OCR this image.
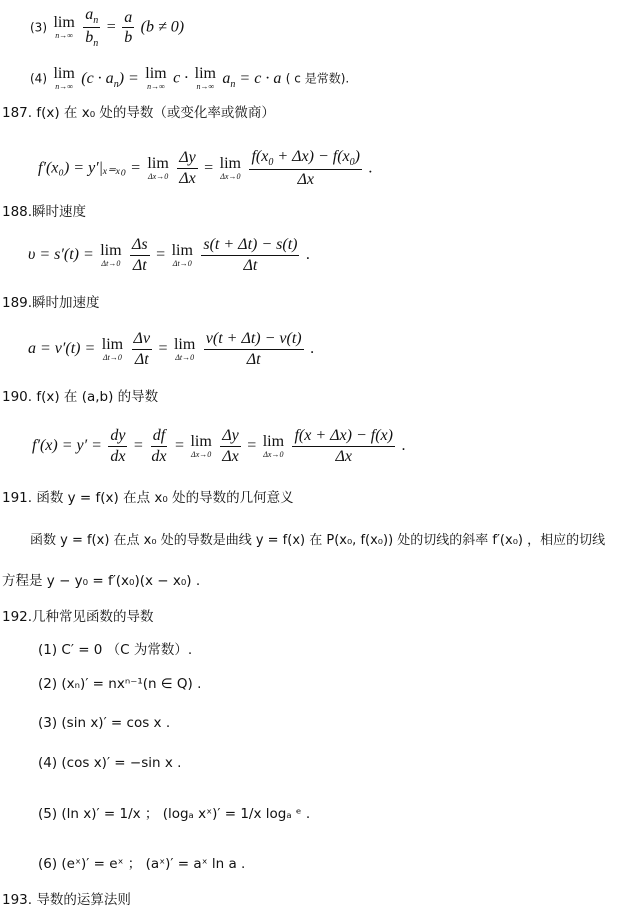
(3) lim
n→∞
$\frac{a_n}{b_n} = \frac{a}{b} (b \ne 0)$
(4) lim
n→∞ $(c \cdot a_n) = \lim$
n→∞ c · lim
n→∞ $a_n = c \cdot a$ ( c 是常数).
187. f(x) 在 x₀ 处的导数（或变化率或微商）
f′(x₀) = y′|ₓ₌ₓ₀ = lim
Δx→0
$\frac{\Delta y}{\Delta x} = \lim$
Δx→0
$\frac{f(x_0 + \Delta x) - f(x_0)}{\Delta x}$ .
188.瞬时速度
υ = s′(t) = lim
Δt→0
$\frac{\Delta s}{\Delta t} = \lim$
Δt→0
$\frac{s(t + \Delta t) - s(t)}{\Delta t}$ .
189.瞬时加速度
a = v′(t) = lim
Δt→0
$\frac{\Delta v}{\Delta t} = \lim$
Δt→0
$\frac{v(t + \Delta t) - v(t)}{\Delta t}$ .
190. f(x) 在 (a,b) 的导数
$f'(x) = y' = \frac{dy}{dx} = \frac{df}{dx} = \lim$
Δx→0
$\frac{\Delta y}{\Delta x} = \lim$
Δx→0
$\frac{f(x + \Delta x) - f(x)}{\Delta x}$ .
191. 函数 y = f(x) 在点 x₀ 处的导数的几何意义
函数 y = f(x) 在点 x₀ 处的导数是曲线 y = f(x) 在 P(x₀, f(x₀)) 处的切线的斜率 f′(x₀) ，相应的切线
方程是 y − y₀ = f′(x₀)(x − x₀) .
192.几种常见函数的导数
(1) C′ = 0 （C 为常数）.
(2) (xₙ)′ = nxⁿ⁻¹(n ∈ Q) .
(3) (sin x)′ = cos x .
(4) (cos x)′ = −sin x .
(5) (ln x)′ = 1/x ； (logₐ xˣ)′ = 1/x logₐ ᵉ .
(6) (eˣ)′ = eˣ ； (aˣ)′ = aˣ ln a .
193. 导数的运算法则
